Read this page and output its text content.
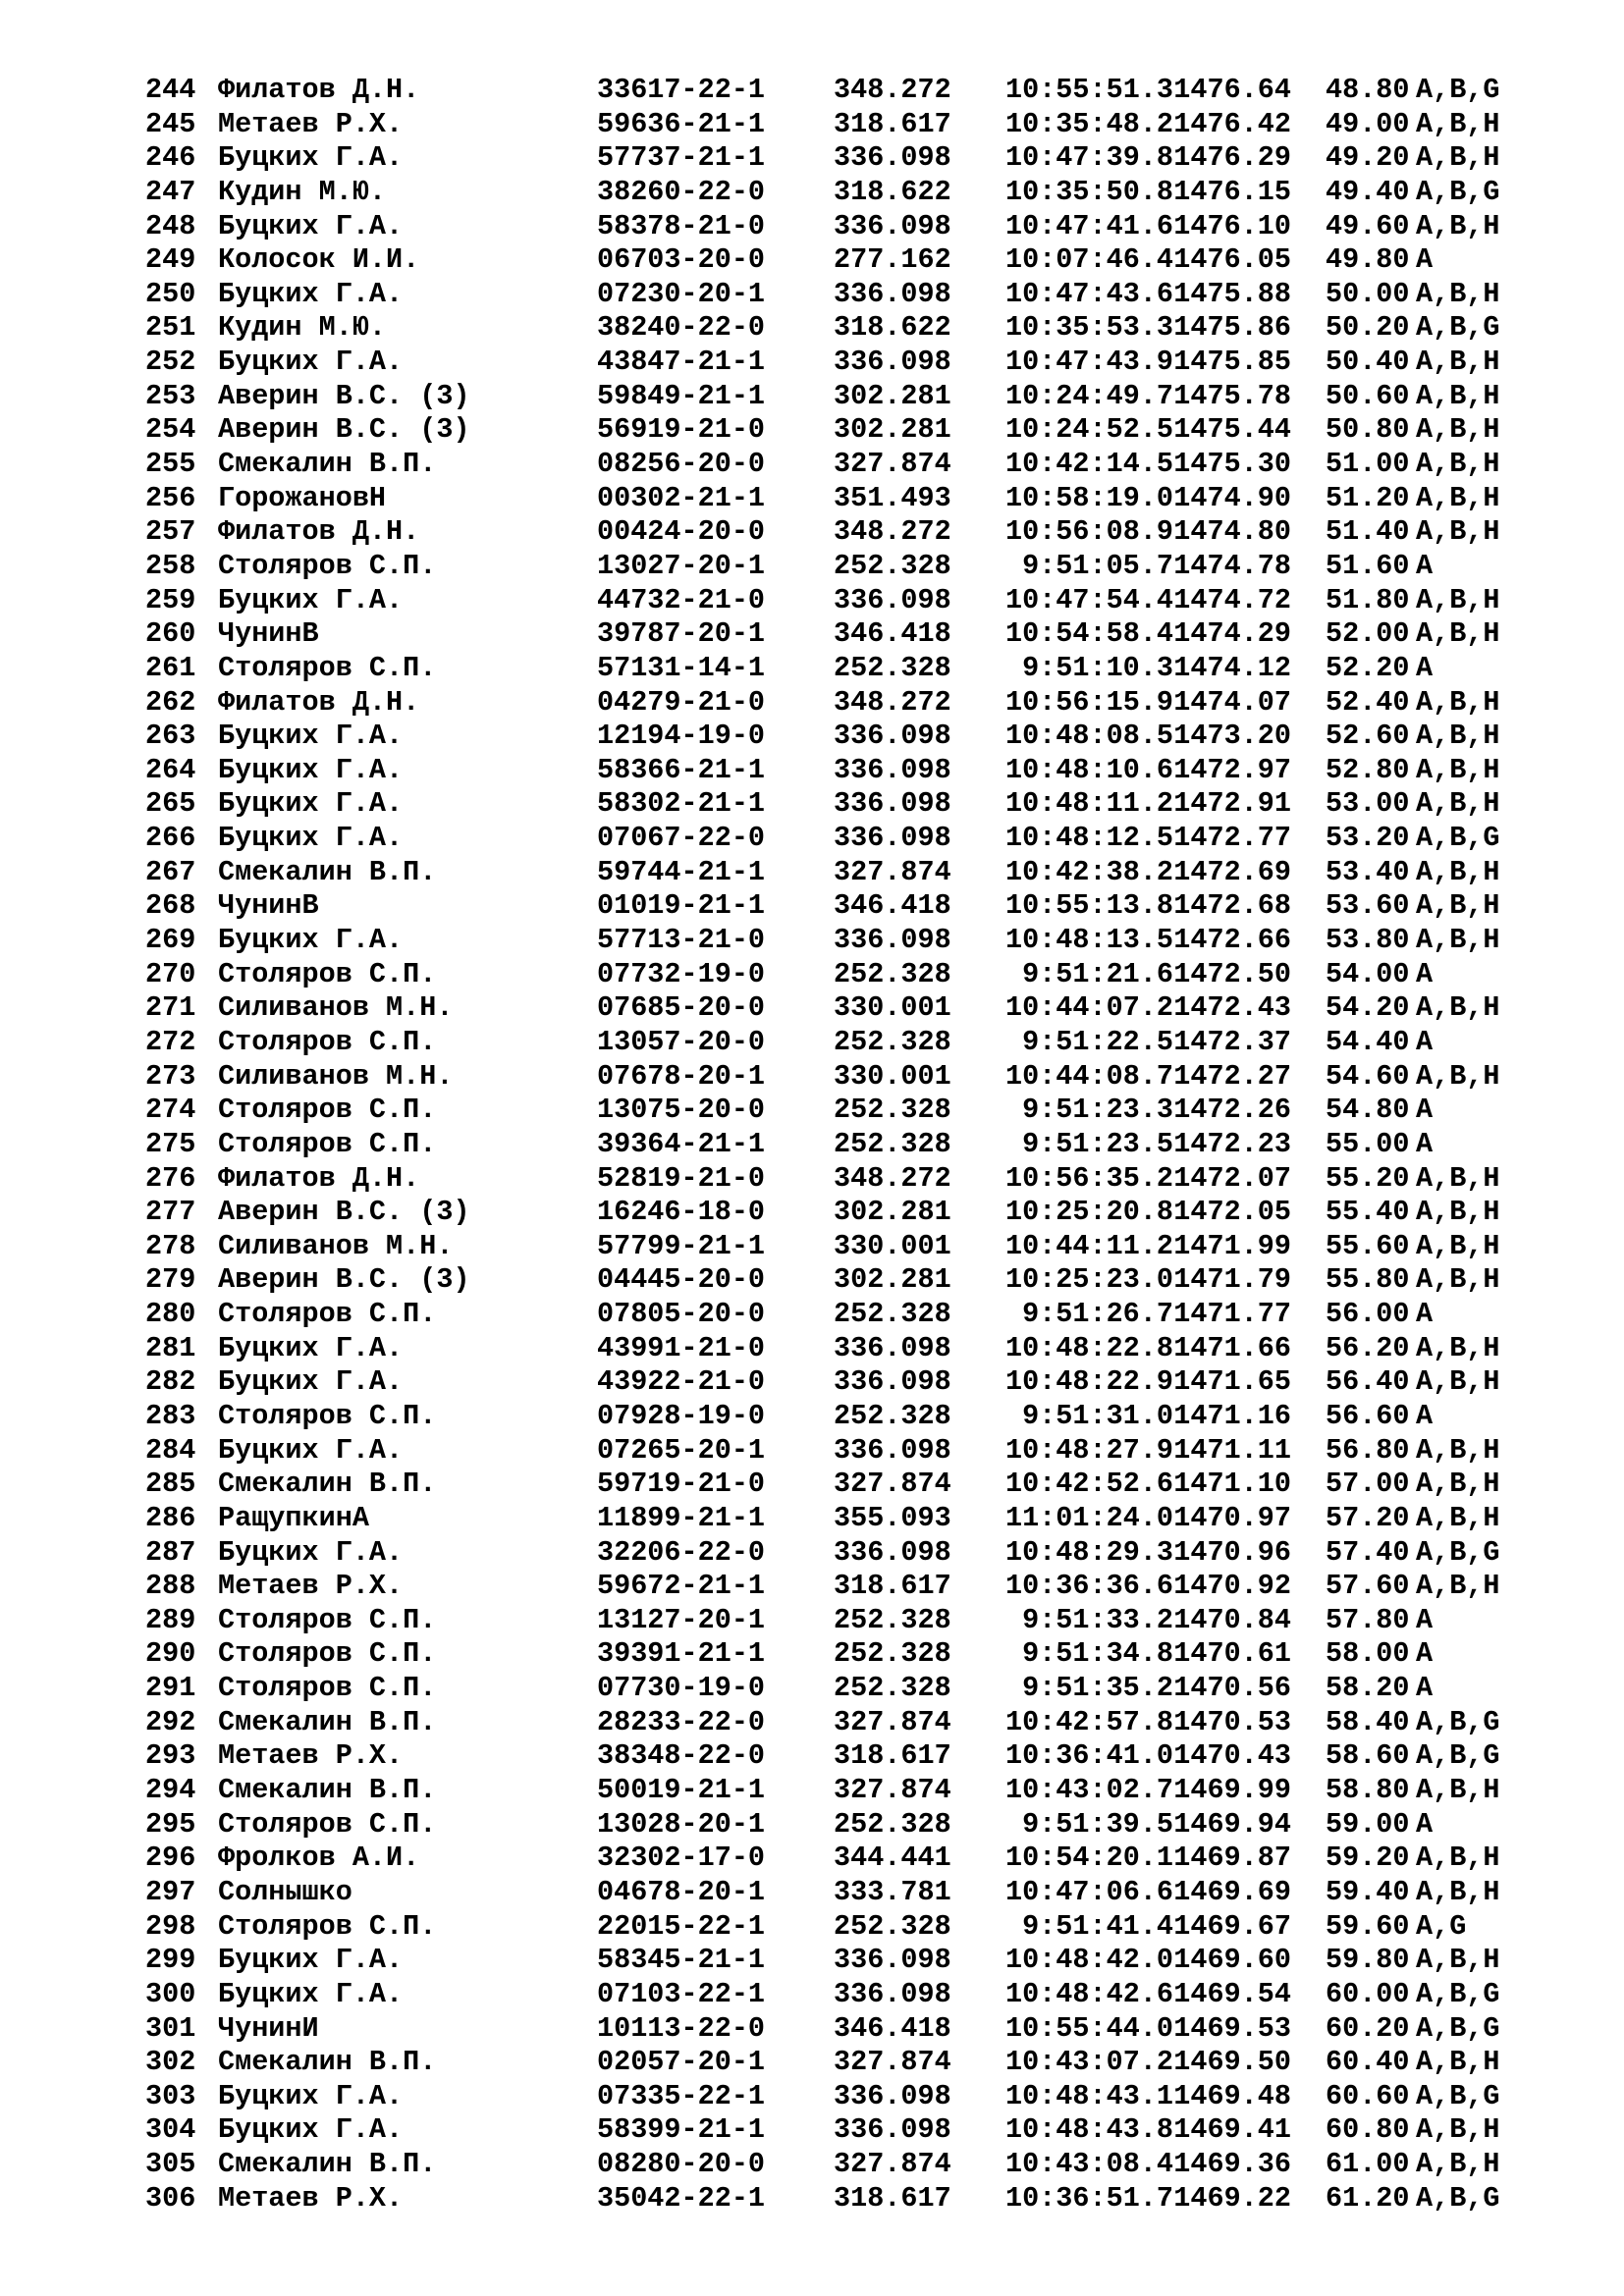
244 Филатов Д.Н.	33617-22-1 348.272 10:55:51.31476.64 48.80 A,B,G
245 Метаев Р.Х.	59636-21-1 318.617 10:35:48.21476.42 49.00 A,B,H
246 Буцких Г.А.	57737-21-1 336.098 10:47:39.81476.29 49.20 A,B,H
247 Кудин М.Ю.	38260-22-0 318.622 10:35:50.81476.15 49.40 A,B,G
248 Буцких Г.А.	58378-21-0 336.098 10:47:41.61476.10 49.60 A,B,H
249 Колосок И.И.	06703-20-0 277.162 10:07:46.41476.05 49.80 A
250 Буцких Г.А.	07230-20-1 336.098 10:47:43.61475.88 50.00 A,B,H
251 Кудин М.Ю.	38240-22-0 318.622 10:35:53.31475.86 50.20 A,B,G
252 Буцких Г.А.	43847-21-1 336.098 10:47:43.91475.85 50.40 A,B,H
253 Аверин В.С. (3)	59849-21-1 302.281 10:24:49.71475.78 50.60 A,B,H
254 Аверин В.С. (3)	56919-21-0 302.281 10:24:52.51475.44 50.80 A,B,H
255 Смекалин В.П.	08256-20-0 327.874 10:42:14.51475.30 51.00 A,B,H
256 ГорожановН	00302-21-1 351.493 10:58:19.01474.90 51.20 A,B,H
257 Филатов Д.Н.	00424-20-0 348.272 10:56:08.91474.80 51.40 A,B,H
258 Столяров С.П.	13027-20-1 252.328	9:51:05.71474.78 51.60 A
259 Буцких Г.А.	44732-21-0 336.098 10:47:54.41474.72 51.80 A,B,H
260 ЧунинВ	39787-20-1 346.418 10:54:58.41474.29 52.00 A,B,H
261 Столяров С.П.	57131-14-1 252.328	9:51:10.31474.12 52.20 A
262 Филатов Д.Н.	04279-21-0 348.272 10:56:15.91474.07 52.40 A,B,H
263 Буцких Г.А.	12194-19-0 336.098 10:48:08.51473.20 52.60 A,B,H
264 Буцких Г.А.	58366-21-1 336.098 10:48:10.61472.97 52.80 A,B,H
265 Буцких Г.А.	58302-21-1 336.098 10:48:11.21472.91 53.00 A,B,H
266 Буцких Г.А.	07067-22-0 336.098 10:48:12.51472.77 53.20 A,B,G
267 Смекалин В.П.	59744-21-1 327.874 10:42:38.21472.69 53.40 A,B,H
268 ЧунинВ	01019-21-1 346.418 10:55:13.81472.68 53.60 A,B,H
269 Буцких Г.А.	57713-21-0 336.098 10:48:13.51472.66 53.80 A,B,H
270 Столяров С.П.	07732-19-0 252.328	9:51:21.61472.50 54.00 A
271 Силиванов М.Н.	07685-20-0 330.001 10:44:07.21472.43 54.20 A,B,H
272 Столяров С.П.	13057-20-0 252.328	9:51:22.51472.37 54.40 A
273 Силиванов М.Н.	07678-20-1 330.001 10:44:08.71472.27 54.60 A,B,H
274 Столяров С.П.	13075-20-0 252.328	9:51:23.31472.26 54.80 A
275 Столяров С.П.	39364-21-1 252.328	9:51:23.51472.23 55.00 A
276 Филатов Д.Н.	52819-21-0 348.272 10:56:35.21472.07 55.20 A,B,H
277 Аверин В.С. (3)	16246-18-0 302.281 10:25:20.81472.05 55.40 A,B,H
278 Силиванов М.Н.	57799-21-1 330.001 10:44:11.21471.99 55.60 A,B,H
279 Аверин В.С. (3)	04445-20-0 302.281 10:25:23.01471.79 55.80 A,B,H
280 Столяров С.П.	07805-20-0 252.328	9:51:26.71471.77 56.00 A
281 Буцких Г.А.	43991-21-0 336.098 10:48:22.81471.66 56.20 A,B,H
282 Буцких Г.А.	43922-21-0 336.098 10:48:22.91471.65 56.40 A,B,H
283 Столяров С.П.	07928-19-0 252.328	9:51:31.01471.16 56.60 A
284 Буцких Г.А.	07265-20-1 336.098 10:48:27.91471.11 56.80 A,B,H
285 Смекалин В.П.	59719-21-0 327.874 10:42:52.61471.10 57.00 A,B,H
286 РащупкинА	11899-21-1 355.093 11:01:24.01470.97 57.20 A,B,H
287 Буцких Г.А.	32206-22-0 336.098 10:48:29.31470.96 57.40 A,B,G
288 Метаев Р.Х.	59672-21-1 318.617 10:36:36.61470.92 57.60 A,B,H
289 Столяров С.П.	13127-20-1 252.328	9:51:33.21470.84 57.80 A
290 Столяров С.П.	39391-21-1 252.328	9:51:34.81470.61 58.00 A
291 Столяров С.П.	07730-19-0 252.328	9:51:35.21470.56 58.20 A
292 Смекалин В.П.	28233-22-0 327.874 10:42:57.81470.53 58.40 A,B,G
293 Метаев Р.Х.	38348-22-0 318.617 10:36:41.01470.43 58.60 A,B,G
294 Смекалин В.П.	50019-21-1 327.874 10:43:02.71469.99 58.80 A,B,H
295 Столяров С.П.	13028-20-1 252.328	9:51:39.51469.94 59.00 A
296 Фролков А.И.	32302-17-0 344.441 10:54:20.11469.87 59.20 A,B,H
297 Солнышко	04678-20-1 333.781 10:47:06.61469.69 59.40 A,B,H
298 Столяров С.П.	22015-22-1 252.328	9:51:41.41469.67 59.60 A,G
299 Буцких Г.А.	58345-21-1 336.098 10:48:42.01469.60 59.80 A,B,H
300 Буцких Г.А.	07103-22-1 336.098 10:48:42.61469.54 60.00 A,B,G
301 ЧунинИ	10113-22-0 346.418 10:55:44.01469.53 60.20 A,B,G
302 Смекалин В.П.	02057-20-1 327.874 10:43:07.21469.50 60.40 A,B,H
303 Буцких Г.А.	07335-22-1 336.098 10:48:43.11469.48 60.60 A,B,G
304 Буцких Г.А.	58399-21-1 336.098 10:48:43.81469.41 60.80 A,B,H
305 Смекалин В.П.	08280-20-0 327.874 10:43:08.41469.36 61.00 A,B,H
306 Метаев Р.Х.	35042-22-1 318.617 10:36:51.71469.22 61.20 A,B,G
